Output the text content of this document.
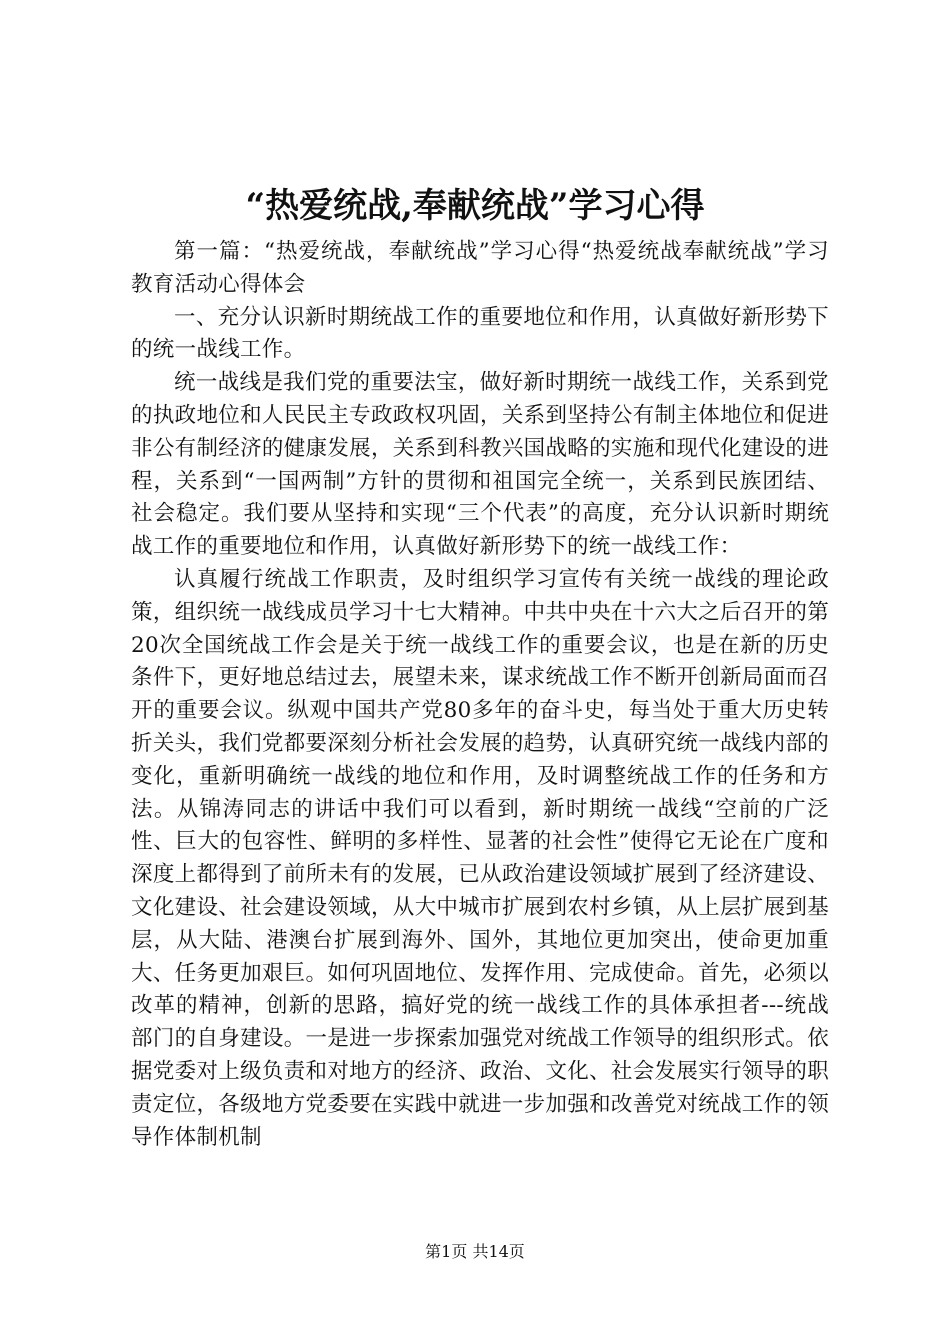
“热爱统战,奉献统战”学习心得

第一篇：“热爱统战，奉献统战”学习心得“热爱统战奉献统战”学习教育活动心得体会

一、充分认识新时期统战工作的重要地位和作用，认真做好新形势下的统一战线工作。

统一战线是我们党的重要法宝，做好新时期统一战线工作，关系到党的执政地位和人民民主专政政权巩固，关系到坚持公有制主体地位和促进非公有制经济的健康发展，关系到科教兴国战略的实施和现代化建设的进程，关系到“一国两制”方针的贯彻和祖国完全统一，关系到民族团结、社会稳定。我们要从坚持和实现“三个代表”的高度，充分认识新时期统战工作的重要地位和作用，认真做好新形势下的统一战线工作：

认真履行统战工作职责，及时组织学习宣传有关统一战线的理论政策，组织统一战线成员学习十七大精神。中共中央在十六大之后召开的第20次全国统战工作会是关于统一战线工作的重要会议，也是在新的历史条件下，更好地总结过去，展望未来，谋求统战工作不断开创新局面而召开的重要会议。纵观中国共产党80多年的奋斗史，每当处于重大历史转折关头，我们党都要深刻分析社会发展的趋势，认真研究统一战线内部的变化，重新明确统一战线的地位和作用，及时调整统战工作的任务和方法。从锦涛同志的讲话中我们可以看到，新时期统一战线“空前的广泛性、巨大的包容性、鲜明的多样性、显著的社会性”使得它无论在广度和深度上都得到了前所未有的发展，已从政治建设领域扩展到了经济建设、文化建设、社会建设领域，从大中城市扩展到农村乡镇，从上层扩展到基层，从大陆、港澳台扩展到海外、国外，其地位更加突出，使命更加重大、任务更加艰巨。如何巩固地位、发挥作用、完成使命。首先，必须以改革的精神，创新的思路，搞好党的统一战线工作的具体承担者---统战部门的自身建设。一是进一步探索加强党对统战工作领导的组织形式。依据党委对上级负责和对地方的经济、政治、文化、社会发展实行领导的职责定位，各级地方党委要在实践中就进一步加强和改善党对统战工作的领导作体制机制

第1页 共14页
